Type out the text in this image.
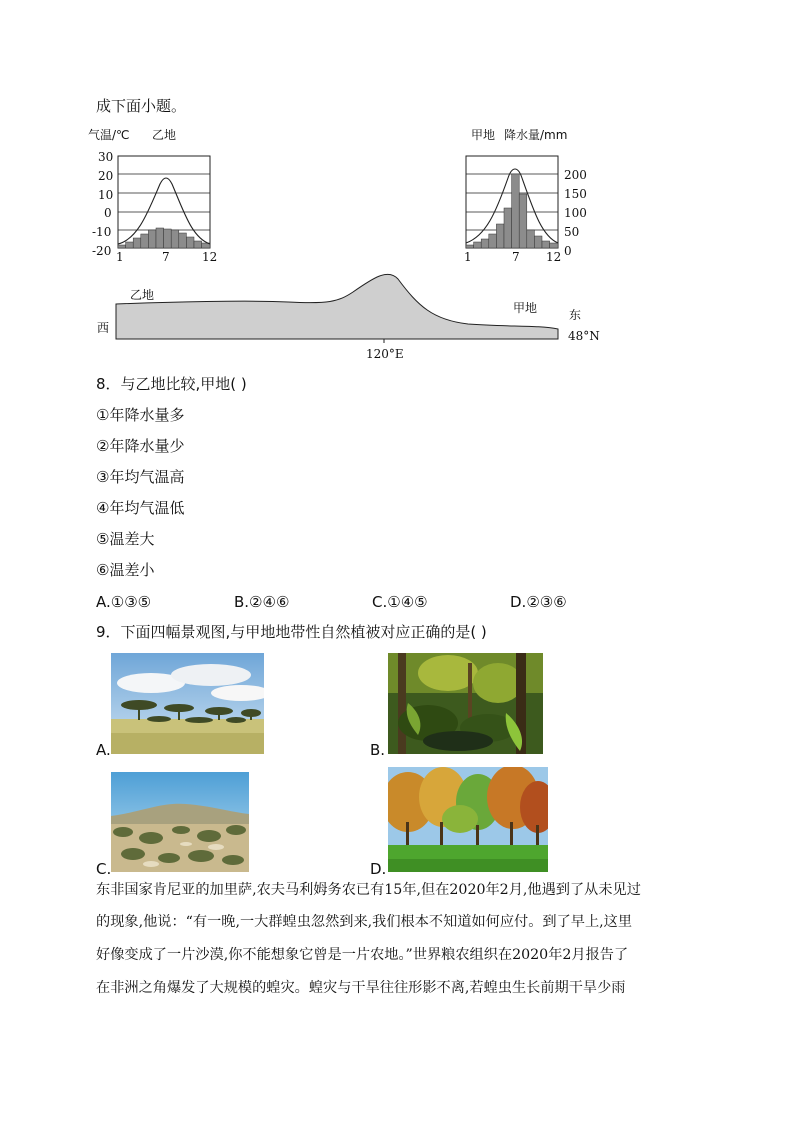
成下面小题。
气温/℃ 乙地	甲地 降水量/mm
30
20
10
0
-10
-20 1	7	12
200
150
100
50
0
1	7 12
乙地
甲地
西
东
48°N
120°E
8．与乙地比较,甲地( )
①年降水量多
②年降水量少
③年均气温高
④年均气温低
⑤温差大
⑥温差小
A.①③⑤	B.②④⑥	C.①④⑤	D.②③⑥
9．下面四幅景观图,与甲地地带性自然植被对应正确的是( )
A.	B.
C.	D.
东非国家肯尼亚的加里萨,农夫马利姆务农已有15年,但在2020年2月,他遇到了从未见过
的现象,他说：“有一晚,一大群蝗虫忽然到来,我们根本不知道如何应付。到了早上,这里
好像变成了一片沙漠,你不能想象它曾是一片农地。”世界粮农组织在2020年2月报告了
在非洲之角爆发了大规模的蝗灾。蝗灾与干旱往往形影不离,若蝗虫生长前期干旱少雨
